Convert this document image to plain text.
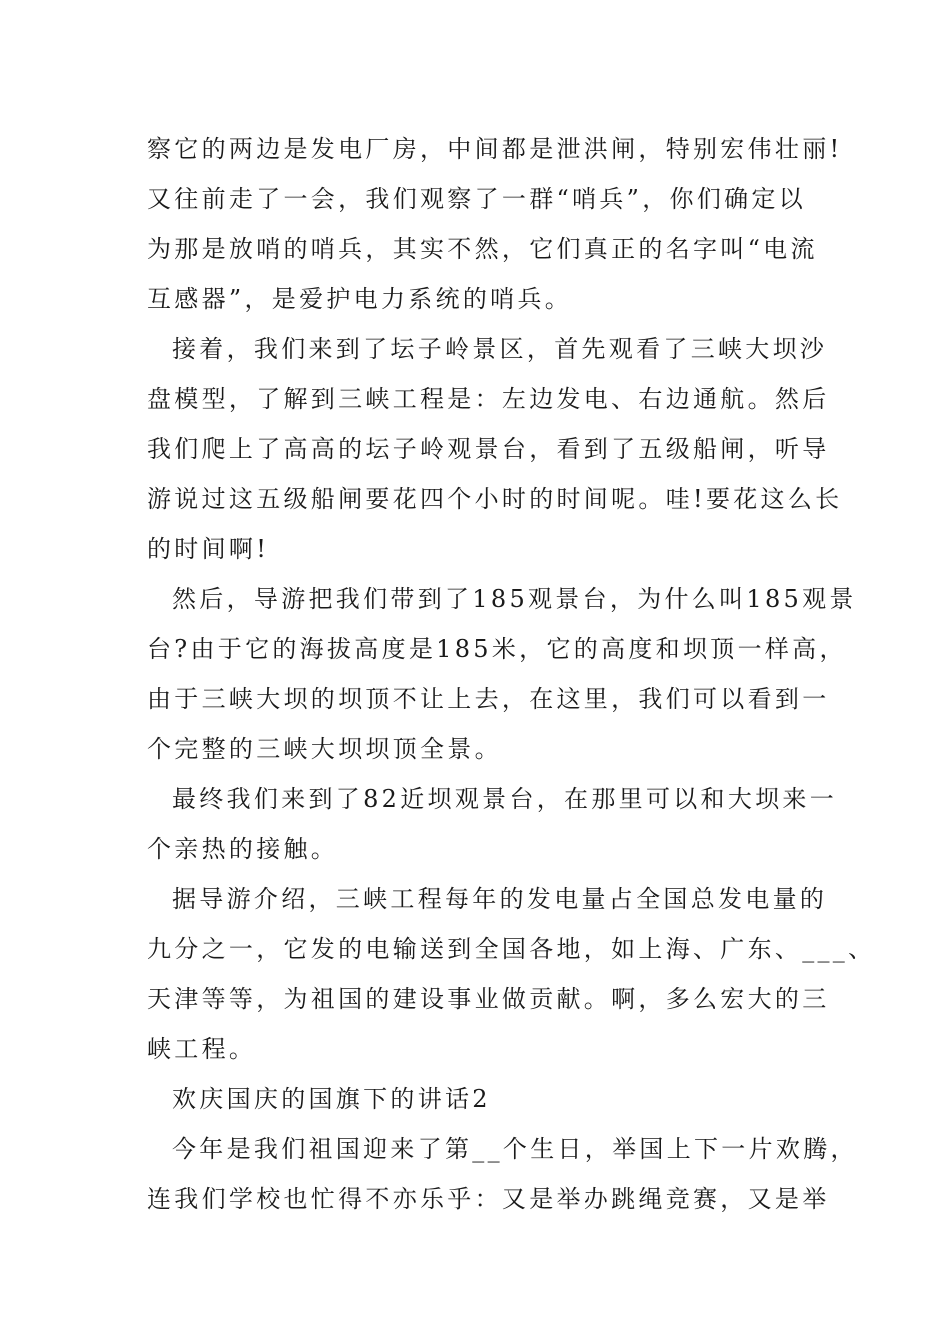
察它的两边是发电厂房，中间都是泄洪闸，特别宏伟壮丽!
又往前走了一会，我们观察了一群“哨兵”，你们确定以
为那是放哨的哨兵，其实不然，它们真正的名字叫“电流
互感器”，是爱护电力系统的哨兵。
接着，我们来到了坛子岭景区，首先观看了三峡大坝沙
盘模型，了解到三峡工程是：左边发电、右边通航。然后
我们爬上了高高的坛子岭观景台，看到了五级船闸，听导
游说过这五级船闸要花四个小时的时间呢。哇!要花这么长
的时间啊!
然后，导游把我们带到了185观景台，为什么叫185观景
台?由于它的海拔高度是185米，它的高度和坝顶一样高，
由于三峡大坝的坝顶不让上去，在这里，我们可以看到一
个完整的三峡大坝坝顶全景。
最终我们来到了82近坝观景台，在那里可以和大坝来一
个亲热的接触。
据导游介绍，三峡工程每年的发电量占全国总发电量的
九分之一，它发的电输送到全国各地，如上海、广东、___、
天津等等，为祖国的建设事业做贡献。啊，多么宏大的三
峡工程。
欢庆国庆的国旗下的讲话2
今年是我们祖国迎来了第__个生日，举国上下一片欢腾，
连我们学校也忙得不亦乐乎：又是举办跳绳竞赛，又是举
